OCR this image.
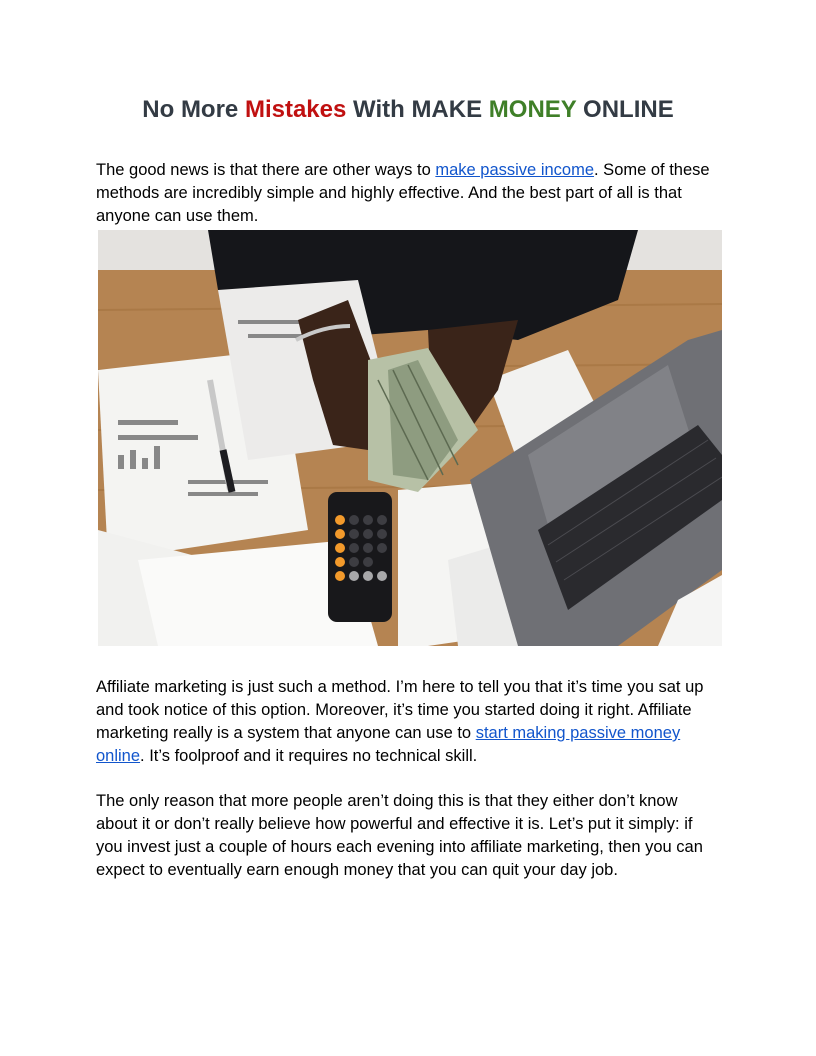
No More Mistakes With MAKE MONEY ONLINE

The good news is that there are other ways to make passive income. Some of these methods are incredibly simple and highly effective. And the best part of all is that anyone can use them.

Affiliate marketing is just such a method. I’m here to tell you that it’s time you sat up and took notice of this option. Moreover, it’s time you started doing it right. Affiliate marketing really is a system that anyone can use to start making passive money online. It’s foolproof and it requires no technical skill.

The only reason that more people aren’t doing this is that they either don’t know about it or don’t really believe how powerful and effective it is. Let’s put it simply: if you invest just a couple of hours each evening into affiliate marketing, then you can expect to eventually earn enough money that you can quit your day job.
